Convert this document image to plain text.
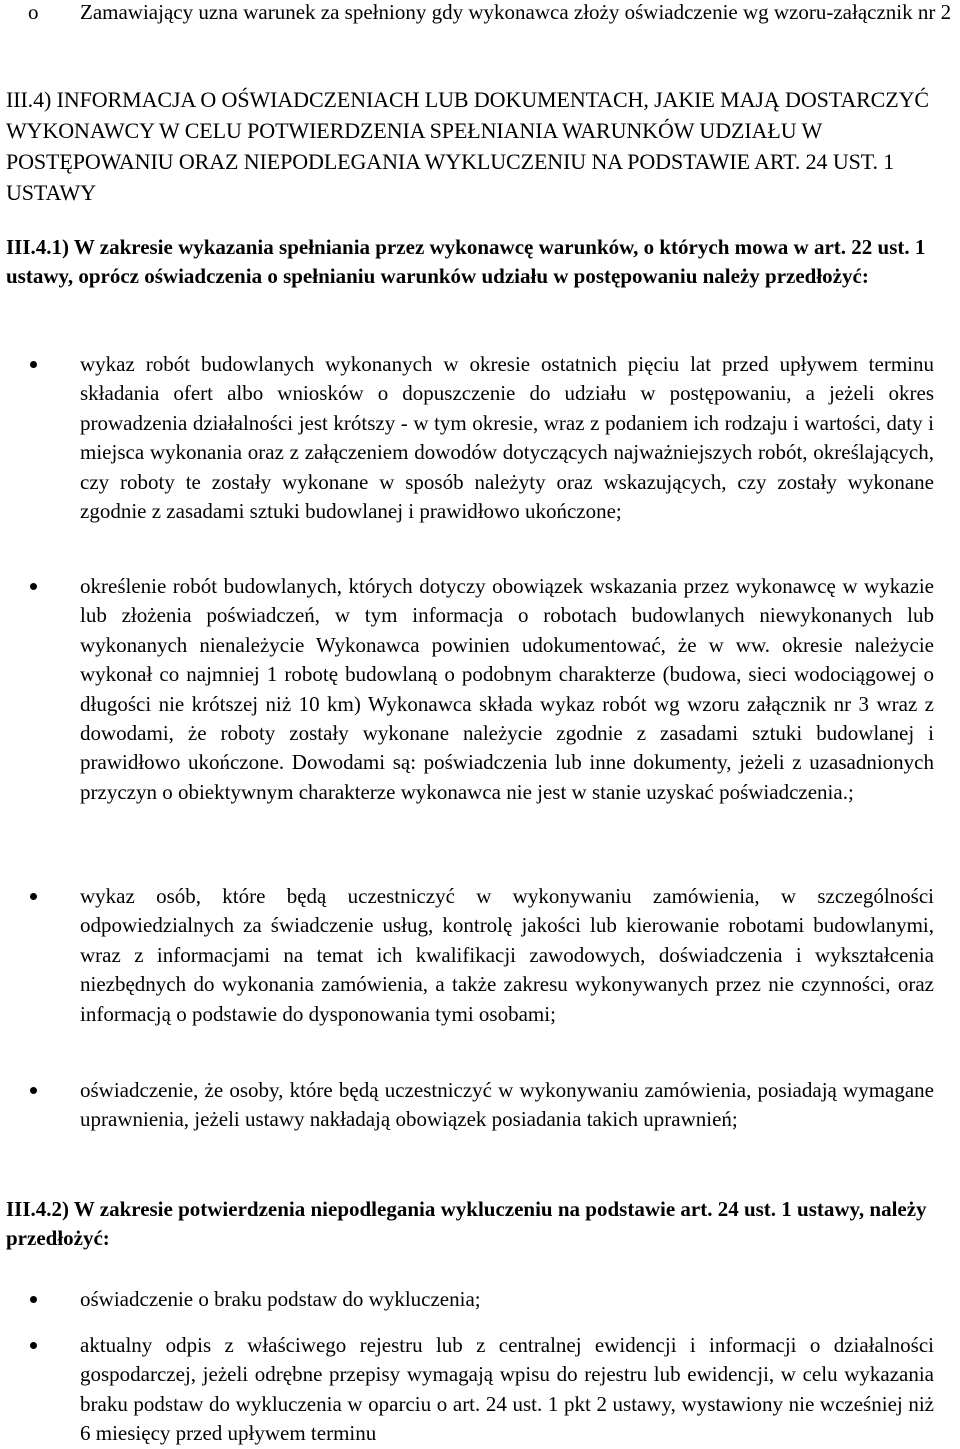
o Zamawiający uzna warunek za spełniony gdy wykonawca złoży oświadczenie wg wzoru-załącznik nr 2
III.4) INFORMACJA O OŚWIADCZENIACH LUB DOKUMENTACH, JAKIE MAJĄ DOSTARCZYĆ WYKONAWCY W CELU POTWIERDZENIA SPEŁNIANIA WARUNKÓW UDZIAŁU W POSTĘPOWANIU ORAZ NIEPODLEGANIA WYKLUCZENIU NA PODSTAWIE ART. 24 UST. 1 USTAWY
III.4.1) W zakresie wykazania spełniania przez wykonawcę warunków, o których mowa w art. 22 ust. 1 ustawy, oprócz oświadczenia o spełnianiu warunków udziału w postępowaniu należy przedłożyć:
wykaz robót budowlanych wykonanych w okresie ostatnich pięciu lat przed upływem terminu składania ofert albo wniosków o dopuszczenie do udziału w postępowaniu, a jeżeli okres prowadzenia działalności jest krótszy - w tym okresie, wraz z podaniem ich rodzaju i wartości, daty i miejsca wykonania oraz z załączeniem dowodów dotyczących najważniejszych robót, określających, czy roboty te zostały wykonane w sposób należyty oraz wskazujących, czy zostały wykonane zgodnie z zasadami sztuki budowlanej i prawidłowo ukończone;
określenie robót budowlanych, których dotyczy obowiązek wskazania przez wykonawcę w wykazie lub złożenia poświadczeń, w tym informacja o robotach budowlanych niewykonanych lub wykonanych nienależycie Wykonawca powinien udokumentować, że w ww. okresie należycie wykonał co najmniej 1 robotę budowlaną o podobnym charakterze (budowa, sieci wodociągowej o długości nie krótszej niż 10 km) Wykonawca składa wykaz robót wg wzoru załącznik nr 3 wraz z dowodami, że roboty zostały wykonane należycie zgodnie z zasadami sztuki budowlanej i prawidłowo ukończone. Dowodami są: poświadczenia lub inne dokumenty, jeżeli z uzasadnionych przyczyn o obiektywnym charakterze wykonawca nie jest w stanie uzyskać poświadczenia.;
wykaz osób, które będą uczestniczyć w wykonywaniu zamówienia, w szczególności odpowiedzialnych za świadczenie usług, kontrolę jakości lub kierowanie robotami budowlanymi, wraz z informacjami na temat ich kwalifikacji zawodowych, doświadczenia i wykształcenia niezbędnych do wykonania zamówienia, a także zakresu wykonywanych przez nie czynności, oraz informacją o podstawie do dysponowania tymi osobami;
oświadczenie, że osoby, które będą uczestniczyć w wykonywaniu zamówienia, posiadają wymagane uprawnienia, jeżeli ustawy nakładają obowiązek posiadania takich uprawnień;
III.4.2) W zakresie potwierdzenia niepodlegania wykluczeniu na podstawie art. 24 ust. 1 ustawy, należy przedłożyć:
oświadczenie o braku podstaw do wykluczenia;
aktualny odpis z właściwego rejestru lub z centralnej ewidencji i informacji o działalności gospodarczej, jeżeli odrębne przepisy wymagają wpisu do rejestru lub ewidencji, w celu wykazania braku podstaw do wykluczenia w oparciu o art. 24 ust. 1 pkt 2 ustawy, wystawiony nie wcześniej niż 6 miesięcy przed upływem terminu
